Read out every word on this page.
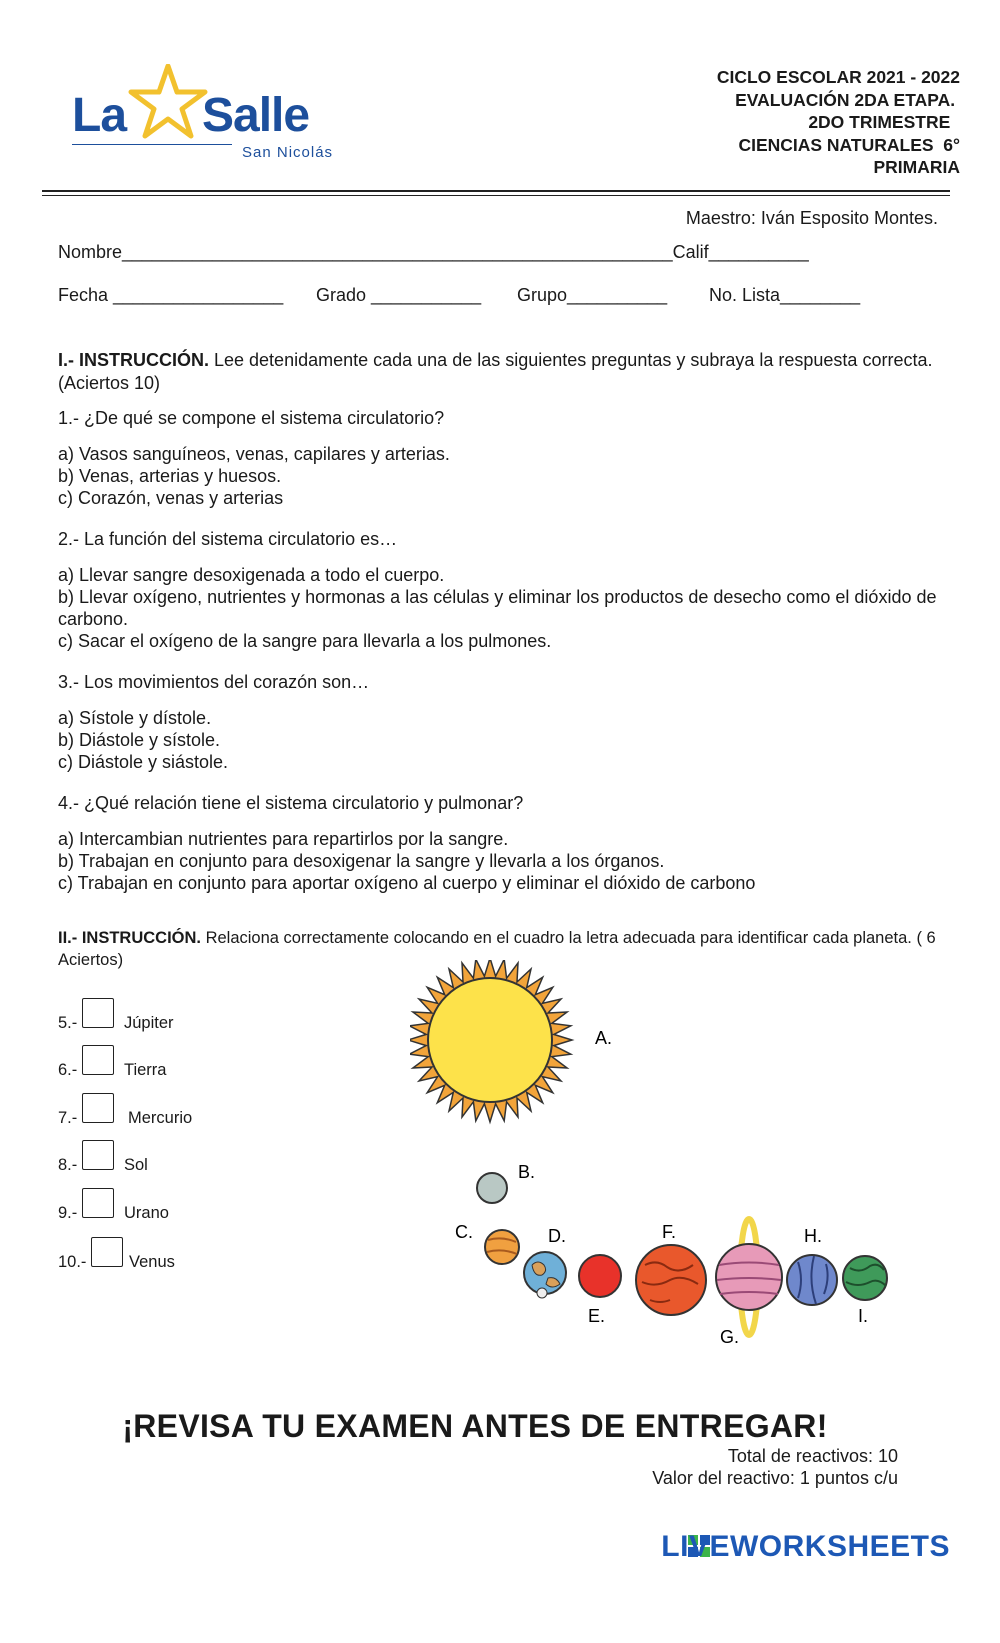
La Salle
San Nicolás
CICLO ESCOLAR 2021 - 2022
EVALUACIÓN 2DA ETAPA.
2DO TRIMESTRE
CIENCIAS NATURALES  6°
PRIMARIA
Maestro: Iván Esposito Montes.
Nombre_______________________________________________________Calif__________
Fecha _________________ Grado ___________ Grupo__________ No. Lista________
I.- INSTRUCCIÓN. Lee detenidamente cada una de las siguientes preguntas y subraya la respuesta correcta. (Aciertos 10)
1.- ¿De qué se compone el sistema circulatorio?
a) Vasos sanguíneos, venas, capilares y arterias.
b) Venas, arterias y huesos.
c) Corazón, venas y arterias
2.- La función del sistema circulatorio es…
a) Llevar sangre desoxigenada a todo el cuerpo.
b) Llevar oxígeno, nutrientes y hormonas a las células y eliminar los productos de desecho como el dióxido de carbono.
c) Sacar el oxígeno de la sangre para llevarla a los pulmones.
3.- Los movimientos del corazón son…
a) Sístole y dístole.
b) Diástole y sístole.
c) Diástole y siástole.
4.- ¿Qué relación tiene el sistema circulatorio y pulmonar?
a) Intercambian nutrientes para repartirlos por la sangre.
b) Trabajan en conjunto para desoxigenar la sangre y llevarla a los órganos.
c) Trabajan en conjunto para aportar oxígeno al cuerpo y eliminar el dióxido de carbono
II.- INSTRUCCIÓN. Relaciona correctamente colocando en el cuadro la letra adecuada para identificar cada planeta. ( 6 Aciertos)
5.-	Júpiter
6.-	Tierra
7.-	Mercurio
8.-	Sol
9.-	Urano
10.-	Venus
A.
B.
C.	D.
E.
F.
G.
H.
I.
¡REVISA TU EXAMEN ANTES DE ENTREGAR!
Total de reactivos: 10
Valor del reactivo: 1 puntos c/u
LIVEWORKSHEETS
